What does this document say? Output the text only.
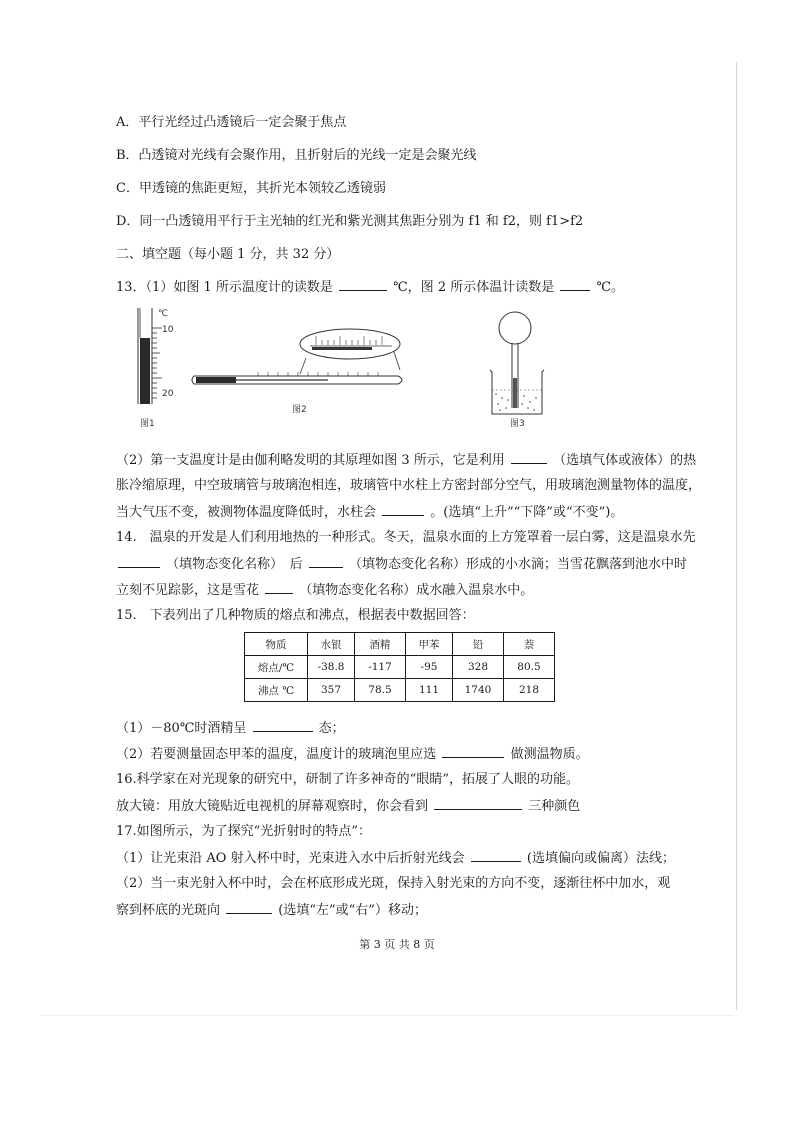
A．平行光经过凸透镜后一定会聚于焦点
B．凸透镜对光线有会聚作用，且折射后的光线一定是会聚光线
C．甲透镜的焦距更短，其折光本领较乙透镜弱
D．同一凸透镜用平行于主光轴的红光和紫光测其焦距分别为 f1 和 f2，则 f1>f2
二、填空题（每小题 1 分，共 32 分）
13．（1）如图 1 所示温度计的读数是	℃，图 2 所示体温计读数是	℃。
℃
10
20
图1
图2
图3
（2）第一支温度计是由伽利略发明的其原理如图 3 所示，它是利用	（选填气体或液体）的热
胀冷缩原理，中空玻璃管与玻璃泡相连，玻璃管中水柱上方密封部分空气，用玻璃泡测量物体的温度，
当大气压不变，被测物体温度降低时，水柱会	。(选填“上升”“下降”或“不变”)。
14.　温泉的开发是人们利用地热的一种形式。冬天，温泉水面的上方笼罩着一层白雾，这是温泉水先
（填物态变化名称）　后	（填物态变化名称）形成的小水滴；当雪花飘落到池水中时
立刻不见踪影，这是雪花	（填物态变化名称）成水融入温泉水中。
15.　下表列出了几种物质的熔点和沸点，根据表中数据回答：
物质	水银	酒精	甲苯	铅	萘
熔点/℃	-38.8	-117	-95	328	80.5
沸点 ℃	357	78.5	111	1740	218
（1）－80℃时酒精呈	态；
（2）若要测量固态甲苯的温度，温度计的玻璃泡里应选	做测温物质。
16.科学家在对光现象的研究中，研制了许多神奇的“眼睛”，拓展了人眼的功能。
放大镜：用放大镜贴近电视机的屏幕观察时，你会看到	三种颜色
17.如图所示，为了探究“光折射时的特点”：
（1）让光束沿 AO 射入杯中时，光束进入水中后折射光线会	(选填偏向或偏离）法线；
（2）当一束光射入杯中时，会在杯底形成光斑，保持入射光束的方向不变，逐渐往杯中加水，观
察到杯底的光斑向	(选填“左”或“右”）移动；
第 3 页 共 8 页
